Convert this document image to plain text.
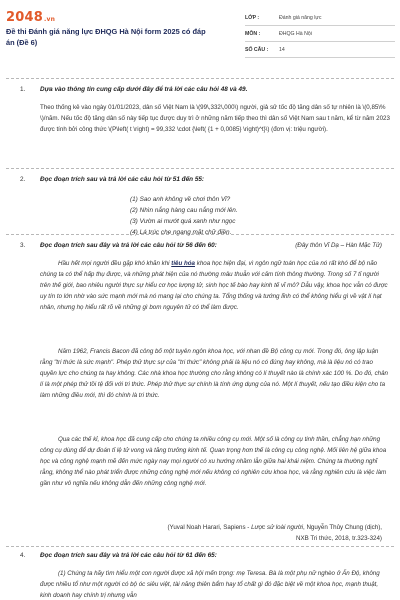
2048.vn
Đề thi Đánh giá năng lực ĐHQG Hà Nội form 2025 có đáp án (Đề 6)
LỚP :	Đánh giá năng lực
MÔN :	ĐHQG Hà Nội
SỐ CÂU :	14
1. Dựa vào thông tin cung cấp dưới đây để trả lời các câu hỏi 48 và 49.
Theo thống kê vào ngày 01/01/2023, dân số Việt Nam là \(99\,332\,000\) người, giả sử tốc độ tăng dân số tự nhiên là \(0,85\% \)/năm. Nếu tốc độ tăng dân số này tiếp tục được duy trì ở những năm tiếp theo thì dân số Việt Nam sau t năm, kể từ năm 2023 được tính bởi công thức \(P\left( t \right) = 99,332 \cdot {\left( {1 + 0,0085} \right)^t}\) (đơn vị: triệu người).
2. Đọc đoạn trích sau và trả lời các câu hỏi từ 51 đến 55:
(1) Sao anh không về chơi thôn Vĩ?
(2) Nhìn nắng hàng cau nắng mới lên.
(3) Vườn ai mướt quá xanh như ngọc
(4) Lá trúc che ngang mặt chữ điền.
(Đây thôn Vĩ Dạ – Hàn Mặc Tử)
3. Đọc đoạn trích sau đây và trả lời các câu hỏi từ 56 đến 60:
Hầu hết mọi người đều gặp khó khăn khi tiêu hóa khoa học hiện đại, vì ngôn ngữ toán học của nó rất khó để bộ não chúng ta có thể hấp thụ được, và những phát hiện của nó thường mâu thuẫn với cảm tính thông thường. Trong số 7 tỉ người trên thế giới, bao nhiêu người thực sự hiểu cơ học lượng tử, sinh học tế bào hay kinh tế vĩ mô? Dẫu vậy, khoa học vẫn có được uy tín to lớn nhờ vào sức mạnh mới mà nó mang lại cho chúng ta. Tổng thống và tướng lĩnh có thể không hiểu gì về vật lí hạt nhân, nhưng họ hiểu rất rõ về những gì bom nguyên tử có thể làm được.
Năm 1962, Francis Bacon đã công bố một tuyên ngôn khoa học, với nhan đề Bộ công cụ mới. Trong đó, ông lập luận rằng "tri thức là sức mạnh". Phép thử thực sự của "tri thức" không phải là liệu nó có đúng hay không, mà là liệu nó có trao quyền lực cho chúng ta hay không. Các nhà khoa học thường cho rằng không có lí thuyết nào là chính xác 100 %. Do đó, chân lí là một phép thử tồi tệ đối với tri thức. Phép thử thực sự chính là tính ứng dụng của nó. Một lí thuyết, nếu tạo điều kiện cho ta làm những điều mới, thì đó chính là tri thức.
Qua các thế kỉ, khoa học đã cung cấp cho chúng ta nhiều công cụ mới. Một số là công cụ tinh thần, chẳng hạn những công cụ dùng để dự đoán tỉ lệ tử vong và tăng trưởng kinh tế. Quan trọng hơn thế là công cụ công nghệ. Mối liên hệ giữa khoa học và công nghệ mạnh mẽ đến mức ngày nay mọi người có xu hướng nhầm lẫn giữa hai khái niệm. Chúng ta thường nghĩ rằng, không thể nào phát triển được những công nghệ mới nếu không có nghiên cứu khoa học, và rằng nghiên cứu là việc làm gần như vô nghĩa nếu không dẫn đến những công nghệ mới.
(Yuval Noah Harari, Sapiens - Lược sử loài người, Nguyễn Thủy Chung (dịch),
NXB Tri thức, 2018, tr.323-324)
4. Đọc đoạn trích sau đây và trả lời các câu hỏi từ 61 đến 65:
(1) Chúng ta hãy tìm hiểu một con người được xã hội mến trọng: mẹ Teresa. Bà là một phụ nữ nghèo ở Ấn Độ, không được nhiều tổ như một người có bộ óc siêu việt, tài năng thiên bẩm hay tổ chất gì đó đặc biệt về một khoa học, mạnh thuật, kinh doanh hay chính trị nhưng vẫn
